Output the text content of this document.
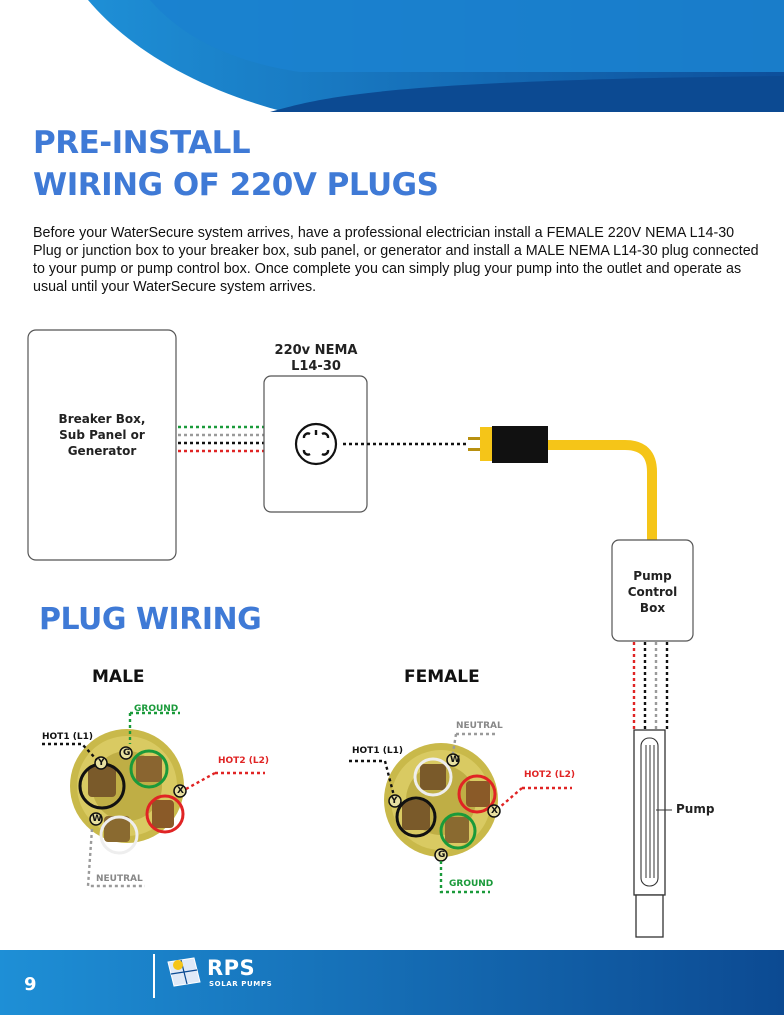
PRE-INSTALL
WIRING OF 220V PLUGS

Before your WaterSecure system arrives, have a professional electrician install a FEMALE 220V NEMA L14-30 Plug or junction box to your breaker box, sub panel, or generator and install a MALE NEMA L14-30 plug connected to your pump or pump control box. Once complete you can simply plug your pump into the outlet and operate as usual until your WaterSecure system arrives.

Breaker Box,
Sub Panel or
Generator
220v NEMA
L14-30
Pump
Control
Box
Pump
PLUG WIRING
MALE	FEMALE
HOT1 (L1)
GROUND
HOT2 (L2)
NEUTRAL
Y
G
X
W
NEUTRAL
HOT1 (L1)
HOT2 (L2)
GROUND
W
X
Y
G
9
RPS
SOLAR PUMPS
